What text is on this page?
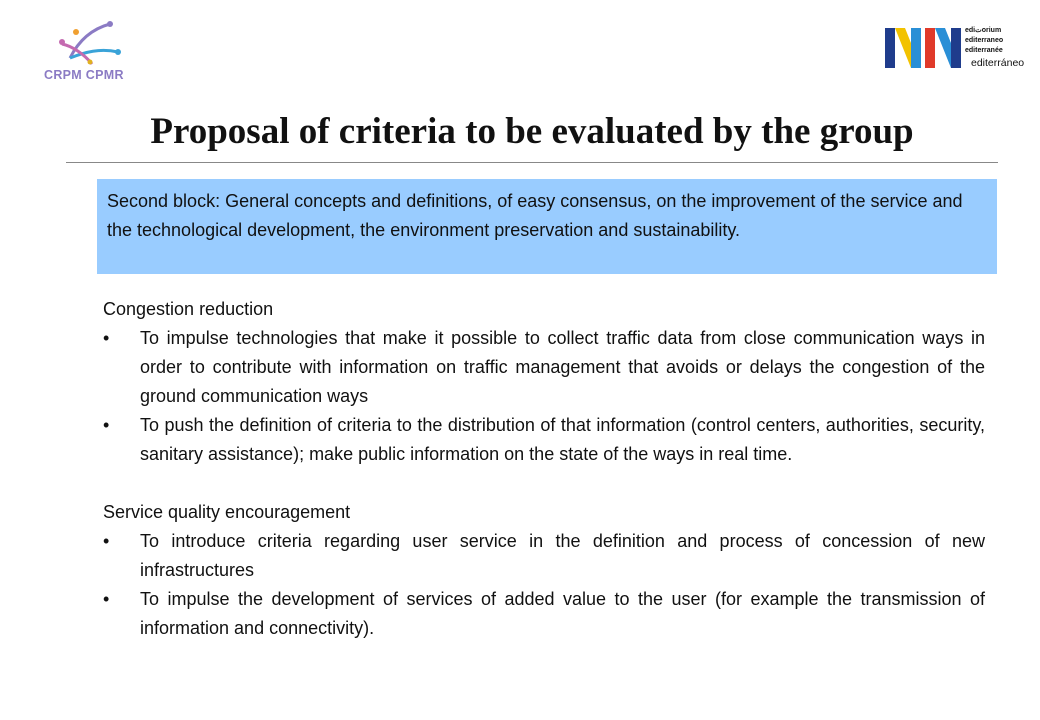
CRPM CPMR
ediتorium
editerraneo
editerranée
editerráneo
Proposal of criteria to be evaluated by the group
Second block: General concepts and definitions, of easy consensus, on the improvement of the service and the technological development, the environment preservation and sustainability.

Congestion reduction

• To impulse technologies that make it possible to collect traffic data from close communication ways in order to contribute with information on traffic management that avoids or delays the congestion of the ground communication ways
• To push the definition of criteria to the distribution of that information (control centers, authorities, security, sanitary assistance); make public information on the state of the ways in real time.

Service quality encouragement

• To introduce criteria regarding user service in the definition and process of concession of new infrastructures
• To impulse the development of services of added value to the user (for example the transmission of information and connectivity).
